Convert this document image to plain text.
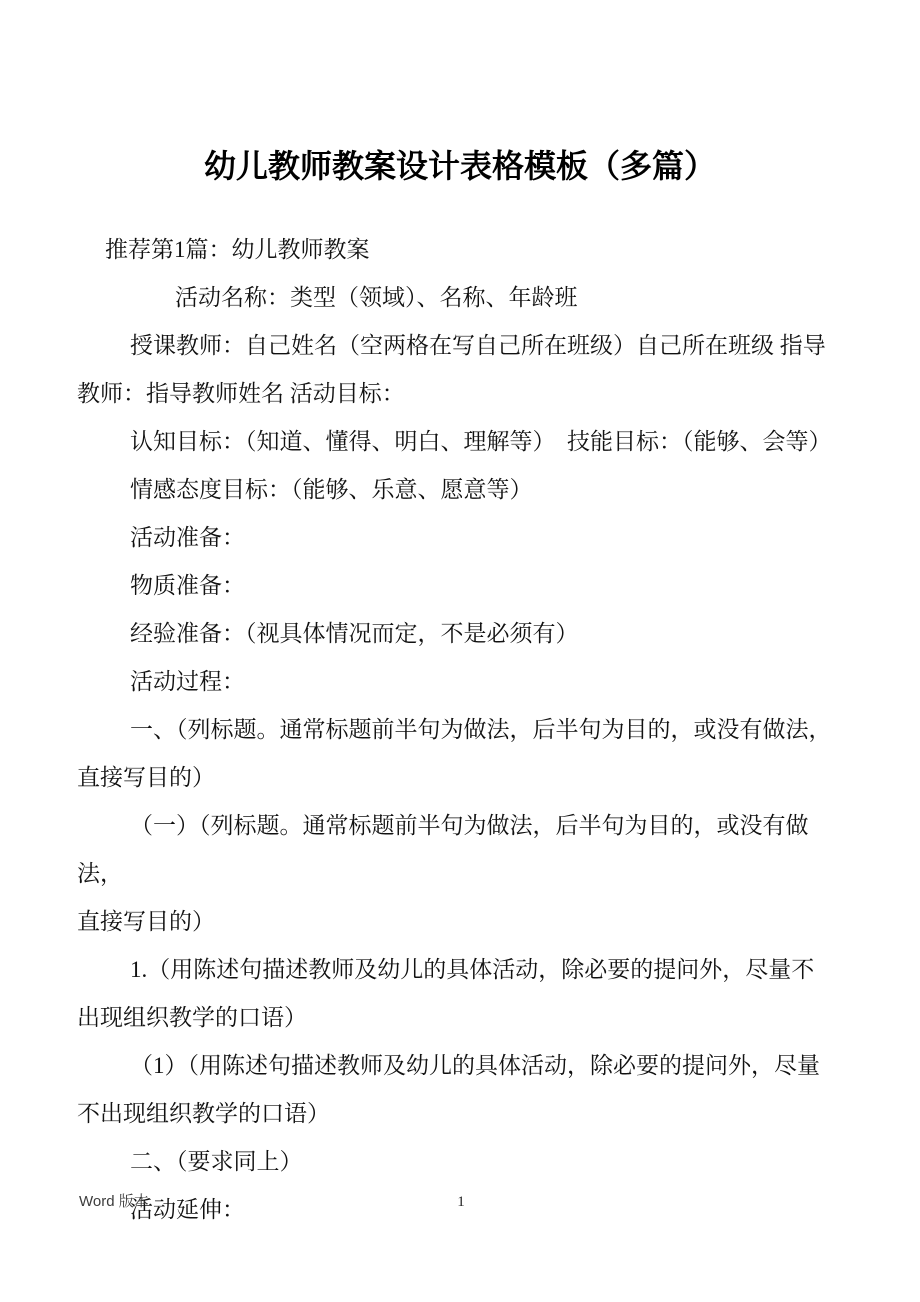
幼儿教师教案设计表格模板（多篇）

推荐第1篇：幼儿教师教案

活动名称：类型（领域）、名称、年龄班

授课教师：自己姓名（空两格在写自己所在班级）自己所在班级 指导
教师：指导教师姓名 活动目标：

认知目标：（知道、懂得、明白、理解等）　技能目标：（能够、会等）

情感态度目标：（能够、乐意、愿意等）

活动准备：

物质准备：

经验准备：（视具体情况而定，不是必须有）

活动过程：

一、（列标题。通常标题前半句为做法，后半句为目的，或没有做法，
直接写目的）

（一）（列标题。通常标题前半句为做法，后半句为目的，或没有做法，
直接写目的）

1.（用陈述句描述教师及幼儿的具体活动，除必要的提问外，尽量不
出现组织教学的口语）

（1）（用陈述句描述教师及幼儿的具体活动，除必要的提问外，尽量
不出现组织教学的口语）

二、（要求同上）

活动延伸：

Word 版本	1
